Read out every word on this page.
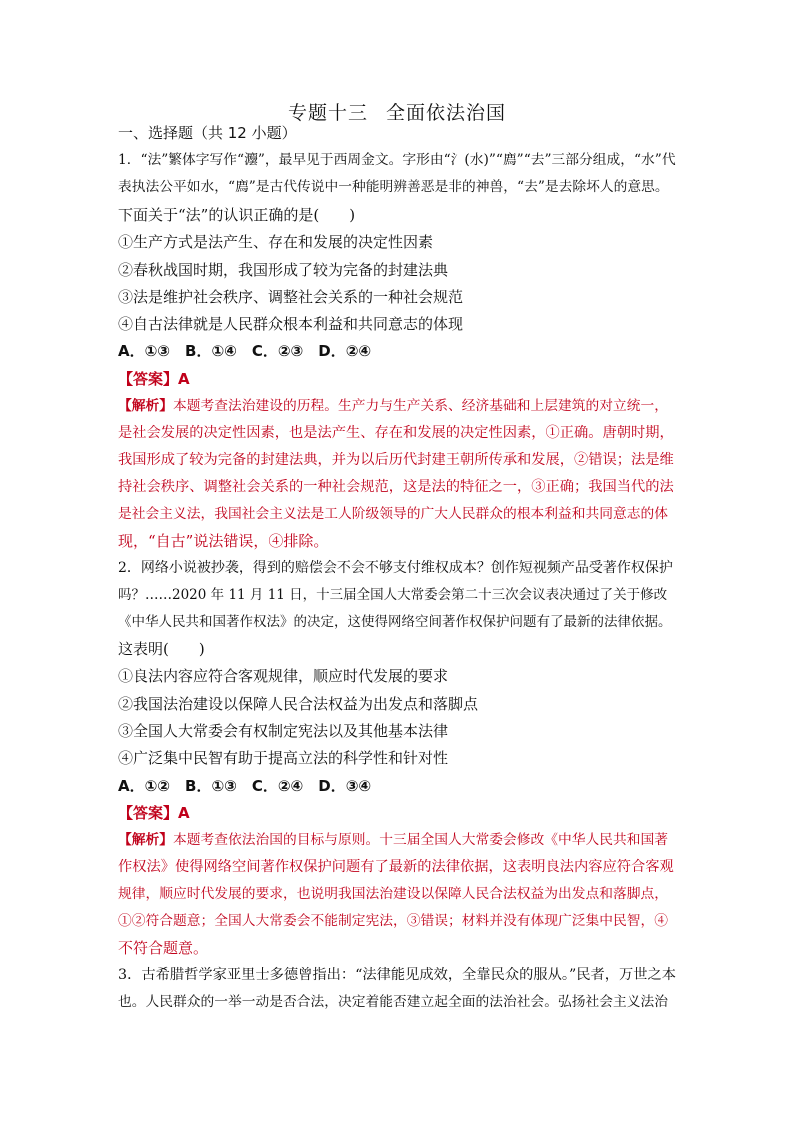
专题十三 全面依法治国
一、选择题（共 12 小题）
1．“法”繁体字写作“灋”，最早见于西周金文。字形由“氵(水)”“廌”“去”三部分组成，“水”代
表执法公平如水，“廌”是古代传说中一种能明辨善恶是非的神兽，“去”是去除坏人的意思。
下面关于“法”的认识正确的是(　　)
①生产方式是法产生、存在和发展的决定性因素
②春秋战国时期，我国形成了较为完备的封建法典
③法是维护社会秩序、调整社会关系的一种社会规范
④自古法律就是人民群众根本利益和共同意志的体现
A．①③　B．①④　C．②③　D．②④
【答案】A
【解析】本题考查法治建设的历程。生产力与生产关系、经济基础和上层建筑的对立统一，
是社会发展的决定性因素，也是法产生、存在和发展的决定性因素，①正确。唐朝时期，
我国形成了较为完备的封建法典，并为以后历代封建王朝所传承和发展，②错误；法是维
持社会秩序、调整社会关系的一种社会规范，这是法的特征之一，③正确；我国当代的法
是社会主义法，我国社会主义法是工人阶级领导的广大人民群众的根本利益和共同意志的体
现，“自古”说法错误，④排除。
2．网络小说被抄袭，得到的赔偿会不会不够支付维权成本？创作短视频产品受著作权保护
吗？……2020 年 11 月 11 日，十三届全国人大常委会第二十三次会议表决通过了关于修改
《中华人民共和国著作权法》的决定，这使得网络空间著作权保护问题有了最新的法律依据。
这表明(　　)
①良法内容应符合客观规律，顺应时代发展的要求
②我国法治建设以保障人民合法权益为出发点和落脚点
③全国人大常委会有权制定宪法以及其他基本法律
④广泛集中民智有助于提高立法的科学性和针对性
A．①②　B．①③　C．②④　D．③④
【答案】A
【解析】本题考查依法治国的目标与原则。十三届全国人大常委会修改《中华人民共和国著
作权法》使得网络空间著作权保护问题有了最新的法律依据，这表明良法内容应符合客观
规律，顺应时代发展的要求，也说明我国法治建设以保障人民合法权益为出发点和落脚点，
①②符合题意；全国人大常委会不能制定宪法，③错误；材料并没有体现广泛集中民智，④
不符合题意。
3．古希腊哲学家亚里士多德曾指出：“法律能见成效，全靠民众的服从。”民者，万世之本
也。人民群众的一举一动是否合法，决定着能否建立起全面的法治社会。弘扬社会主义法治
